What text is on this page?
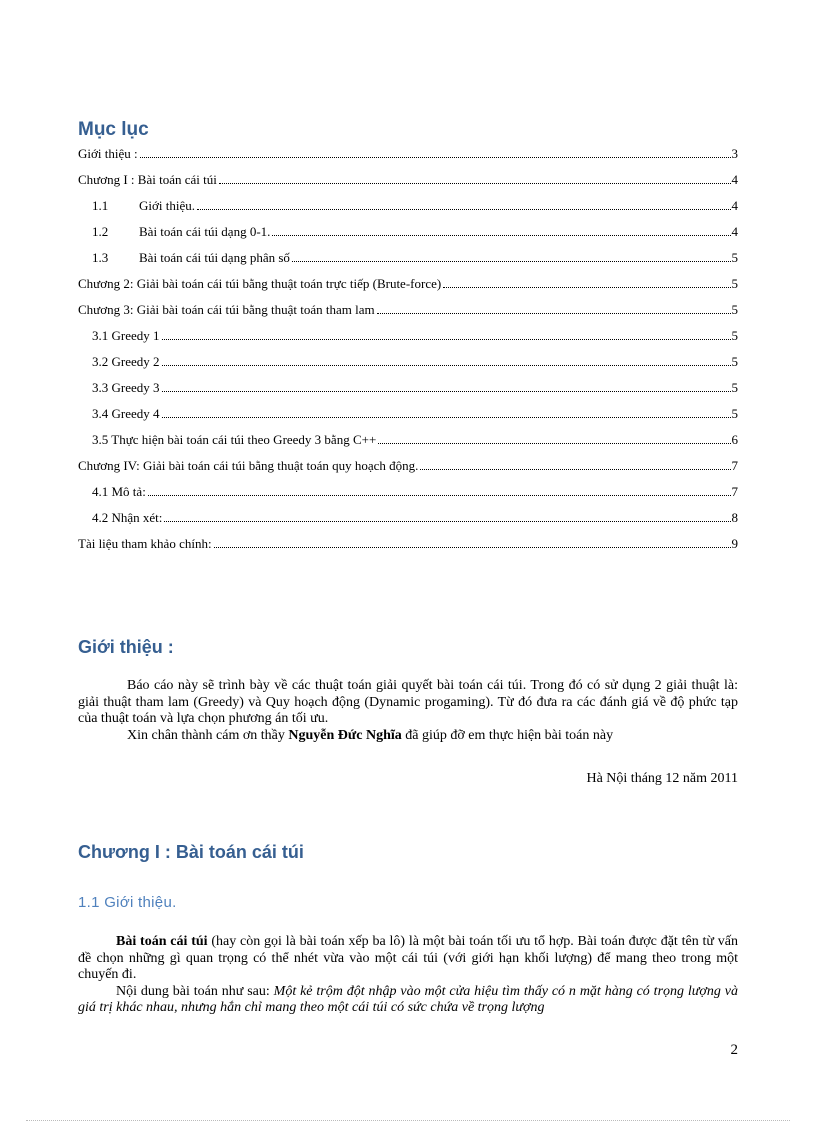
Mục lục
Giới thiệu :	3
Chương I : Bài toán cái túi	4
1.1	Giới thiệu.	4
1.2	Bài toán cái túi dạng 0-1.	4
1.3	Bài toán cái túi dạng phân số	5
Chương 2: Giải bài toán cái túi bằng thuật toán trực tiếp (Brute-force)	5
Chương 3: Giải bài toán cái túi bằng thuật toán tham lam	5
3.1 Greedy 1	5
3.2 Greedy 2	5
3.3 Greedy 3	5
3.4 Greedy 4	5
3.5 Thực hiện bài toán cái túi theo Greedy 3 bằng C++	6
Chương IV: Giải bài toán cái túi bằng thuật toán quy hoạch động.	7
4.1 Mô tả:	7
4.2 Nhận xét:	8
Tài liệu tham khảo chính:	9
Giới thiệu :

Báo cáo này sẽ trình bày về các thuật toán giải quyết bài toán cái túi. Trong đó có sử dụng 2 giải thuật là: giải thuật tham lam (Greedy) và Quy hoạch động (Dynamic progaming). Từ đó đưa ra các đánh giá về độ phức tạp của thuật toán và lựa chọn phương án tối ưu.

Xin chân thành cám ơn thầy Nguyễn Đức Nghĩa đã giúp đỡ em thực hiện bài toán này

Hà Nội tháng 12 năm 2011
Chương I : Bài toán cái túi
1.1 Giới thiệu.

Bài toán cái túi (hay còn gọi là bài toán xếp ba lô) là một bài toán tối ưu tổ hợp. Bài toán được đặt tên từ vấn đề chọn những gì quan trọng có thể nhét vừa vào một cái túi (với giới hạn khối lượng) để mang theo trong một chuyến đi.

Nội dung bài toán như sau: Một kẻ trộm đột nhập vào một cửa hiệu tìm thấy có n mặt hàng có trọng lượng và giá trị khác nhau, nhưng hắn chỉ mang theo một cái túi có sức chứa về trọng lượng

2
